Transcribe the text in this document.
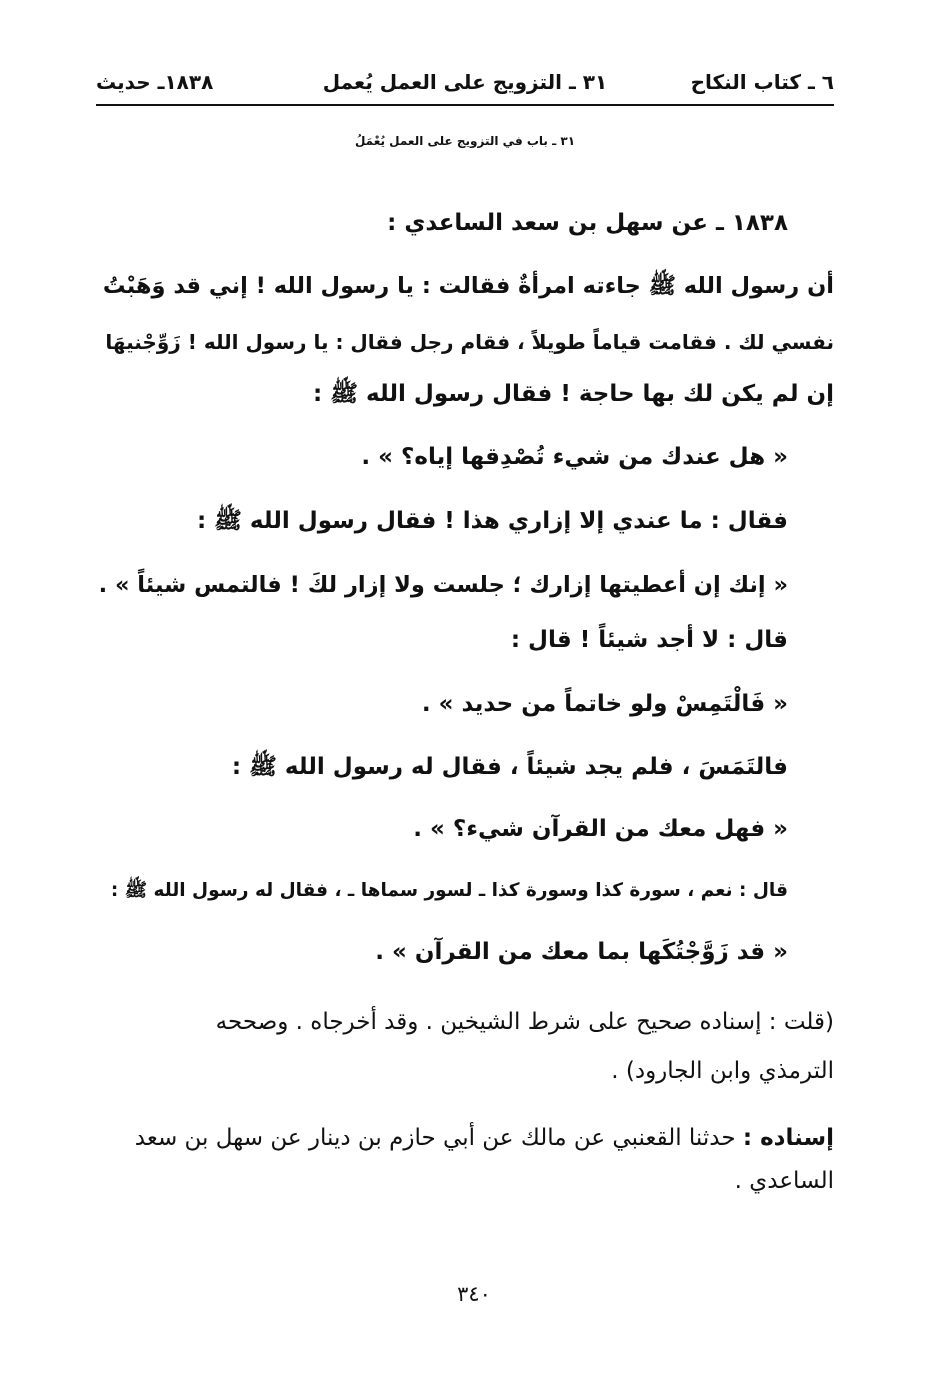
٦ ـ كتاب النكاح
٣١ ـ التزويج على العمل يُعمل
١٨٣٨ـ حديث
٣١ ـ باب في التزويج على العمل يُعْمَلُ
١٨٣٨ ـ عن سهل بن سعد الساعدي :
أن رسول الله ﷺ جاءته امرأةٌ فقالت : يا رسول الله ! إني قد وَهَبْتُ
نفسي لك . فقامت قياماً طويلاً ، فقام رجل فقال : يا رسول الله ! زَوِّجْنيهَا
إن لم يكن لك بها حاجة ! فقال رسول الله ﷺ :
« هل عندك من شيء تُصْدِقها إياه؟ » .
فقال : ما عندي إلا إزاري هذا ! فقال رسول الله ﷺ :
« إنك إن أعطيتها إزارك ؛ جلست ولا إزار لكَ ! فالتمس شيئاً » .
قال : لا أجد شيئاً ! قال :
« فَالْتَمِسْ ولو خاتماً من حديد » .
فالتَمَسَ ، فلم يجد شيئاً ، فقال له رسول الله ﷺ :
« فهل معك من القرآن شيء؟ » .
قال : نعم ، سورة كذا وسورة كذا ـ لسور سماها ـ ، فقال له رسول الله ﷺ :
« قد زَوَّجْتُكَها بما معك من القرآن » .
(قلت : إسناده صحيح على شرط الشيخين . وقد أخرجاه . وصححه
الترمذي وابن الجارود) .
إسناده : حدثنا القعنبي عن مالك عن أبي حازم بن دينار عن سهل بن سعد
الساعدي .
٣٤٠
